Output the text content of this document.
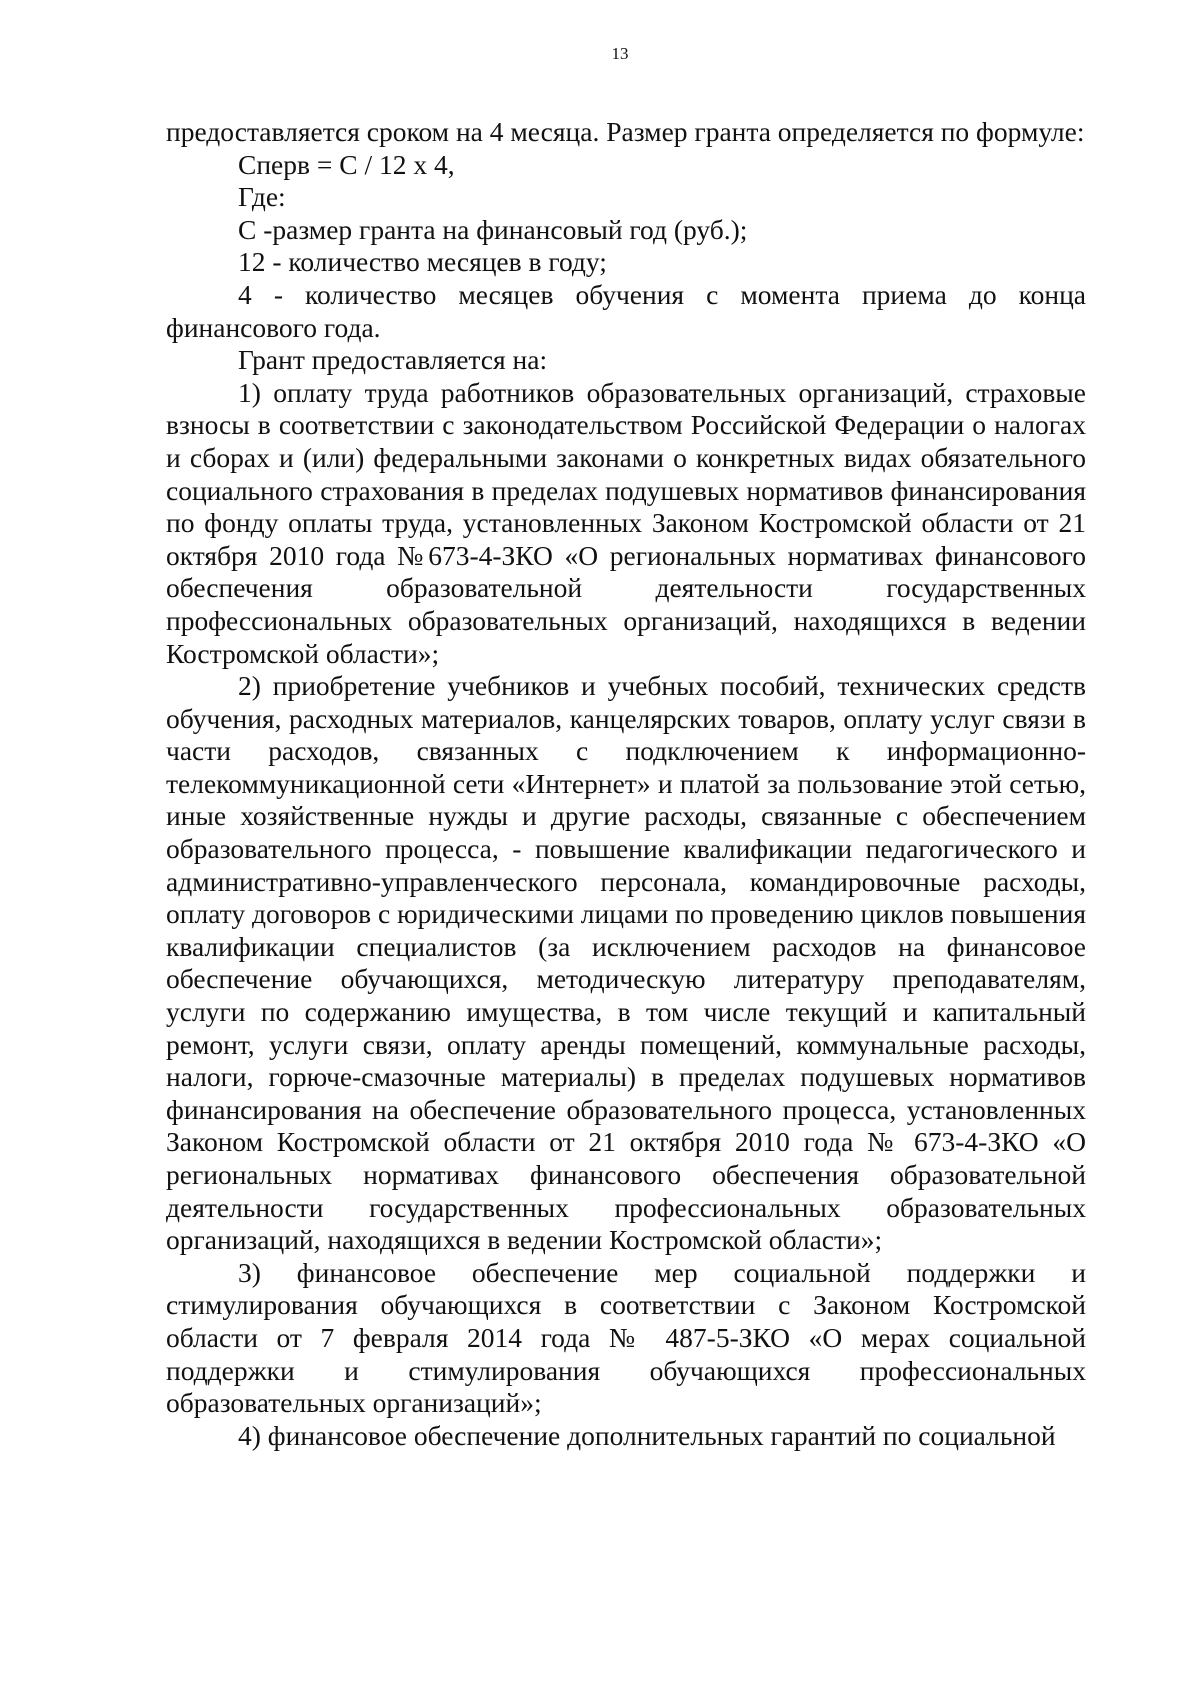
13

предоставляется сроком на 4 месяца. Размер гранта определяется по формуле:

Сперв = С / 12 х 4,

Где:

С -размер гранта на финансовый год (руб.);

12 - количество месяцев в году;

4 - количество месяцев обучения с момента приема до конца финансового года.

Грант предоставляется на:

1) оплату труда работников образовательных организаций, страховые взносы в соответствии с законодательством Российской Федерации о налогах и сборах и (или) федеральными законами о конкретных видах обязательного социального страхования в пределах подушевых нормативов финансирования по фонду оплаты труда, установленных Законом Костромской области от 21 октября 2010 года №673-4-ЗКО «О региональных нормативах финансового обеспечения образовательной деятельности государственных профессиональных образовательных организаций, находящихся в ведении Костромской области»;

2) приобретение учебников и учебных пособий, технических средств обучения, расходных материалов, канцелярских товаров, оплату услуг связи в части расходов, связанных с подключением к информационно-телекоммуникационной сети «Интернет» и платой за пользование этой сетью, иные хозяйственные нужды и другие расходы, связанные с обеспечением образовательного процесса, - повышение квалификации педагогического и административно-управленческого персонала, командировочные расходы, оплату договоров с юридическими лицами по проведению циклов повышения квалификации специалистов (за исключением расходов на финансовое обеспечение обучающихся, методическую литературу преподавателям, услуги по содержанию имущества, в том числе текущий и капитальный ремонт, услуги связи, оплату аренды помещений, коммунальные расходы, налоги, горюче-смазочные материалы) в пределах подушевых нормативов финансирования на обеспечение образовательного процесса, установленных Законом Костромской области от 21 октября 2010 года № 673-4-ЗКО «О региональных нормативах финансового обеспечения образовательной деятельности государственных профессиональных образовательных организаций, находящихся в ведении Костромской области»;

3) финансовое обеспечение мер социальной поддержки и стимулирования обучающихся в соответствии с Законом Костромской области от 7 февраля 2014 года № 487-5-ЗКО «О мерах социальной поддержки и стимулирования обучающихся профессиональных образовательных организаций»;

4) финансовое обеспечение дополнительных гарантий по социальной
